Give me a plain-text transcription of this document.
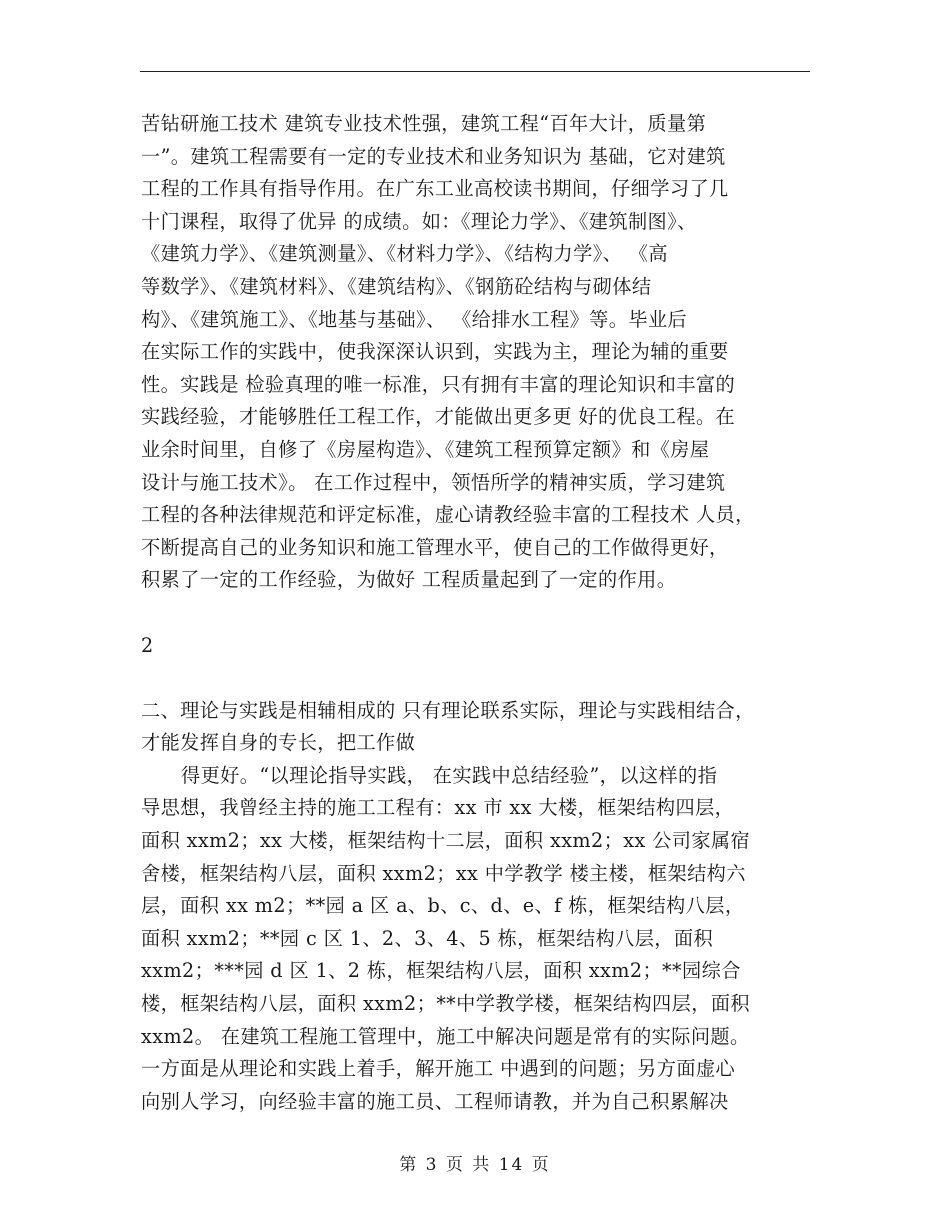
苦钻研施工技术 建筑专业技术性强，建筑工程“百年大计，质量第
一”。建筑工程需要有一定的专业技术和业务知识为 基础，它对建筑
工程的工作具有指导作用。在广东工业高校读书期间，仔细学习了几
十门课程，取得了优异 的成绩。如：《理论力学》、《建筑制图》、
《建筑力学》、《建筑测量》、《材料力学》、《结构力学》、 《高
等数学》、《建筑材料》、《建筑结构》、《钢筋砼结构与砌体结
构》、《建筑施工》、《地基与基础》、 《给排水工程》等。毕业后
在实际工作的实践中，使我深深认识到，实践为主，理论为辅的重要
性。实践是 检验真理的唯一标准，只有拥有丰富的理论知识和丰富的
实践经验，才能够胜任工程工作，才能做出更多更 好的优良工程。在
业余时间里，自修了《房屋构造》、《建筑工程预算定额》和《房屋
设计与施工技术》。 在工作过程中，领悟所学的精神实质，学习建筑
工程的各种法律规范和评定标准，虚心请教经验丰富的工程技术 人员，
不断提高自己的业务知识和施工管理水平，使自己的工作做得更好，
积累了一定的工作经验，为做好 工程质量起到了一定的作用。
2
二、理论与实践是相辅相成的 只有理论联系实际，理论与实践相结合，
才能发挥自身的专长，把工作做
得更好。“以理论指导实践， 在实践中总结经验”，以这样的指
导思想，我曾经主持的施工工程有：xx 市 xx 大楼，框架结构四层，
面积 xxm2；xx 大楼，框架结构十二层，面积 xxm2；xx 公司家属宿
舍楼，框架结构八层，面积 xxm2；xx 中学教学 楼主楼，框架结构六
层，面积 xx m2；**园 a 区 a、b、c、d、e、f 栋，框架结构八层，
面积 xxm2；**园 c 区 1、2、3、4、5 栋，框架结构八层，面积
xxm2；***园 d 区 1、2 栋，框架结构八层，面积 xxm2；**园综合
楼，框架结构八层，面积 xxm2；**中学教学楼，框架结构四层，面积
xxm2。 在建筑工程施工管理中，施工中解决问题是常有的实际问题。
一方面是从理论和实践上着手，解开施工 中遇到的问题；另方面虚心
向别人学习，向经验丰富的施工员、工程师请教，并为自己积累解决
第 3 页 共 14 页
